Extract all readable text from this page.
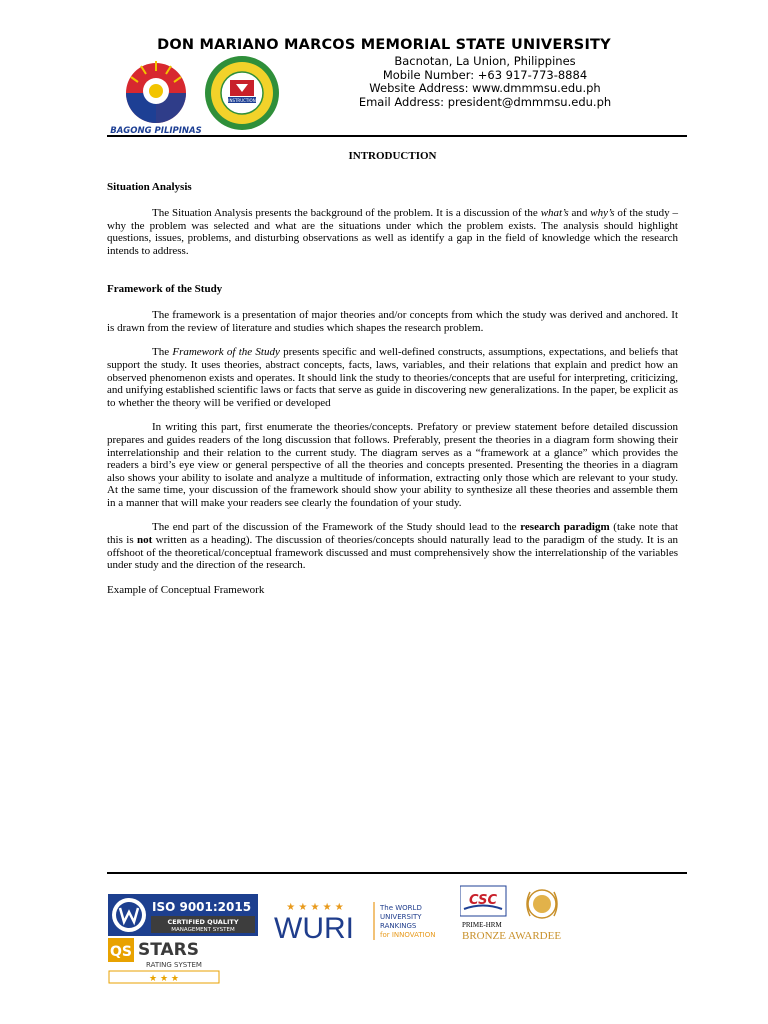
DON MARIANO MARCOS MEMORIAL STATE UNIVERSITY
BAGONG PILIPINAS
INSTRUCTION
Bacnotan, La Union, Philippines
Mobile Number: +63 917-773-8884
Website Address: www.dmmmsu.edu.ph
Email Address: president@dmmmsu.edu.ph
INTRODUCTION
Situation Analysis

The Situation Analysis presents the background of the problem. It is a discussion of the what’s and why’s of the study – why the problem was selected and what are the situations under which the problem exists. The analysis should highlight questions, issues, problems, and disturbing observations as well as identify a gap in the field of knowledge which the research intends to address.

Framework of the Study

The framework is a presentation of major theories and/or concepts from which the study was derived and anchored. It is drawn from the review of literature and studies which shapes the research problem.

The Framework of the Study presents specific and well-defined constructs, assumptions, expectations, and beliefs that support the study. It uses theories, abstract concepts, facts, laws, variables, and their relations that explain and predict how an observed phenomenon exists and operates. It should link the study to theories/concepts that are useful for interpreting, criticizing, and unifying established scientific laws or facts that serve as guide in discovering new generalizations. In the paper, be explicit as to whether the theory will be verified or developed

In writing this part, first enumerate the theories/concepts. Prefatory or preview statement before detailed discussion prepares and guides readers of the long discussion that follows. Preferably, present the theories in a diagram form showing their interrelationship and their relation to the current study. The diagram serves as a “framework at a glance” which provides the readers a bird’s eye view or general perspective of all the theories and concepts presented. Presenting the theories in a diagram also shows your ability to isolate and analyze a multitude of information, extracting only those which are relevant to your study. At the same time, your discussion of the framework should show your ability to synthesize all these theories and assemble them in a manner that will make your readers see clearly the foundation of your study.

The end part of the discussion of the Framework of the Study should lead to the research paradigm (take note that this is not written as a heading). The discussion of theories/concepts should naturally lead to the paradigm of the study. It is an offshoot of the theoretical/conceptual framework discussed and must comprehensively show the interrelationship of the variables under study and the direction of the research.

Example of Conceptual Framework

ISO 9001:2015
CERTIFIED QUALITY
MANAGEMENT SYSTEM
QS STARS
RATING SYSTEM
★ ★ ★
★ ★ ★ ★ ★
WURI
The WORLD
UNIVERSITY
RANKINGS
for INNOVATION
CSC
PRIME-HRM
BRONZE AWARDEE
